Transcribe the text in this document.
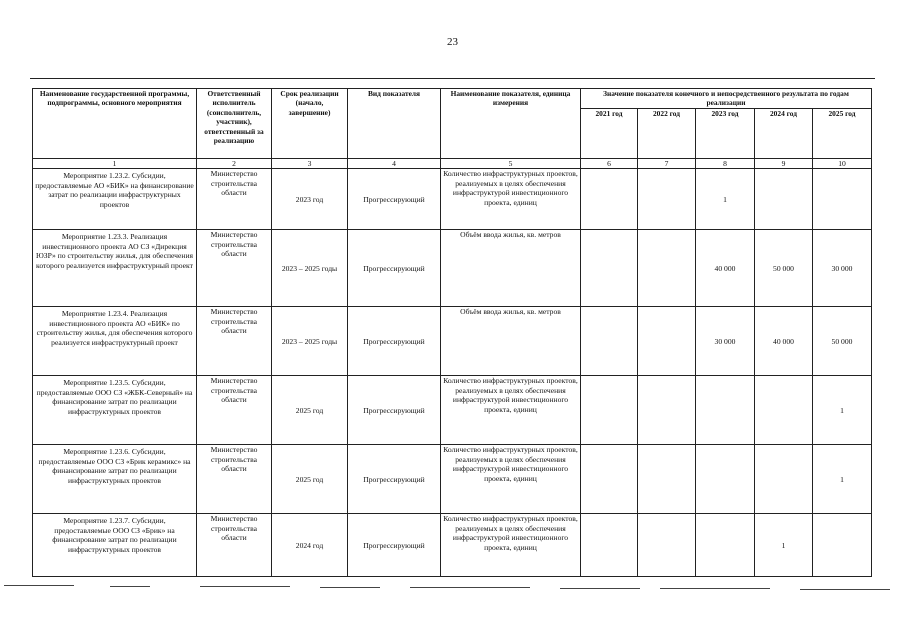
23
Наименование государственной программы, подпрограммы, основного мероприятия	Ответственный исполнитель (соисполнитель, участник), ответственный за реализацию	Срок реализации (начало, завершение)	Вид показателя	Наименование показателя, единица измерения	Значение показателя конечного и непосредственного результата по годам реализации				
					2021 год	2022 год	2023 год	2024 год	2025 год
1	2	3	4	5	6	7	8	9	10
Мероприятие 1.23.2. Субсидии, предоставляемые АО «БИК» на финансирование затрат по реализации инфраструктурных проектов	Министерство строительства области	2023 год	Прогрессирующий	Количество инфраструктурных проектов, реализуемых в целях обеспечения инфраструктурой инвестиционного проекта, единиц			1		
Мероприятие 1.23.3. Реализация инвестиционного проекта АО СЗ «Дирекция ЮЗР» по строительству жилья, для обеспечения которого реализуется инфраструктурный проект	Министерство строительства области	2023 – 2025 годы	Прогрессирующий	Объём ввода жилья, кв. метров			40 000	50 000	30 000
Мероприятие 1.23.4. Реализация инвестиционного проекта АО «БИК» по строительству жилья, для обеспечения которого реализуется инфраструктурный проект	Министерство строительства области	2023 – 2025 годы	Прогрессирующий	Объём ввода жилья, кв. метров			30 000	40 000	50 000
Мероприятие 1.23.5. Субсидии, предоставляемые ООО СЗ «ЖБК-Северный» на финансирование затрат по реализации инфраструктурных проектов	Министерство строительства области	2025 год	Прогрессирующий	Количество инфраструктурных проектов, реализуемых в целях обеспечения инфраструктурой инвестиционного проекта, единиц					1
Мероприятие 1.23.6. Субсидии, предоставляемые ООО СЗ «Брик керамикс» на финансирование затрат по реализации инфраструктурных проектов	Министерство строительства области	2025 год	Прогрессирующий	Количество инфраструктурных проектов, реализуемых в целях обеспечения инфраструктурой инвестиционного проекта, единиц					1
Мероприятие 1.23.7. Субсидии, предоставляемые ООО СЗ «Брик» на финансирование затрат по реализации инфраструктурных проектов	Министерство строительства области	2024 год	Прогрессирующий	Количество инфраструктурных проектов, реализуемых в целях обеспечения инфраструктурой инвестиционного проекта, единиц				1	
